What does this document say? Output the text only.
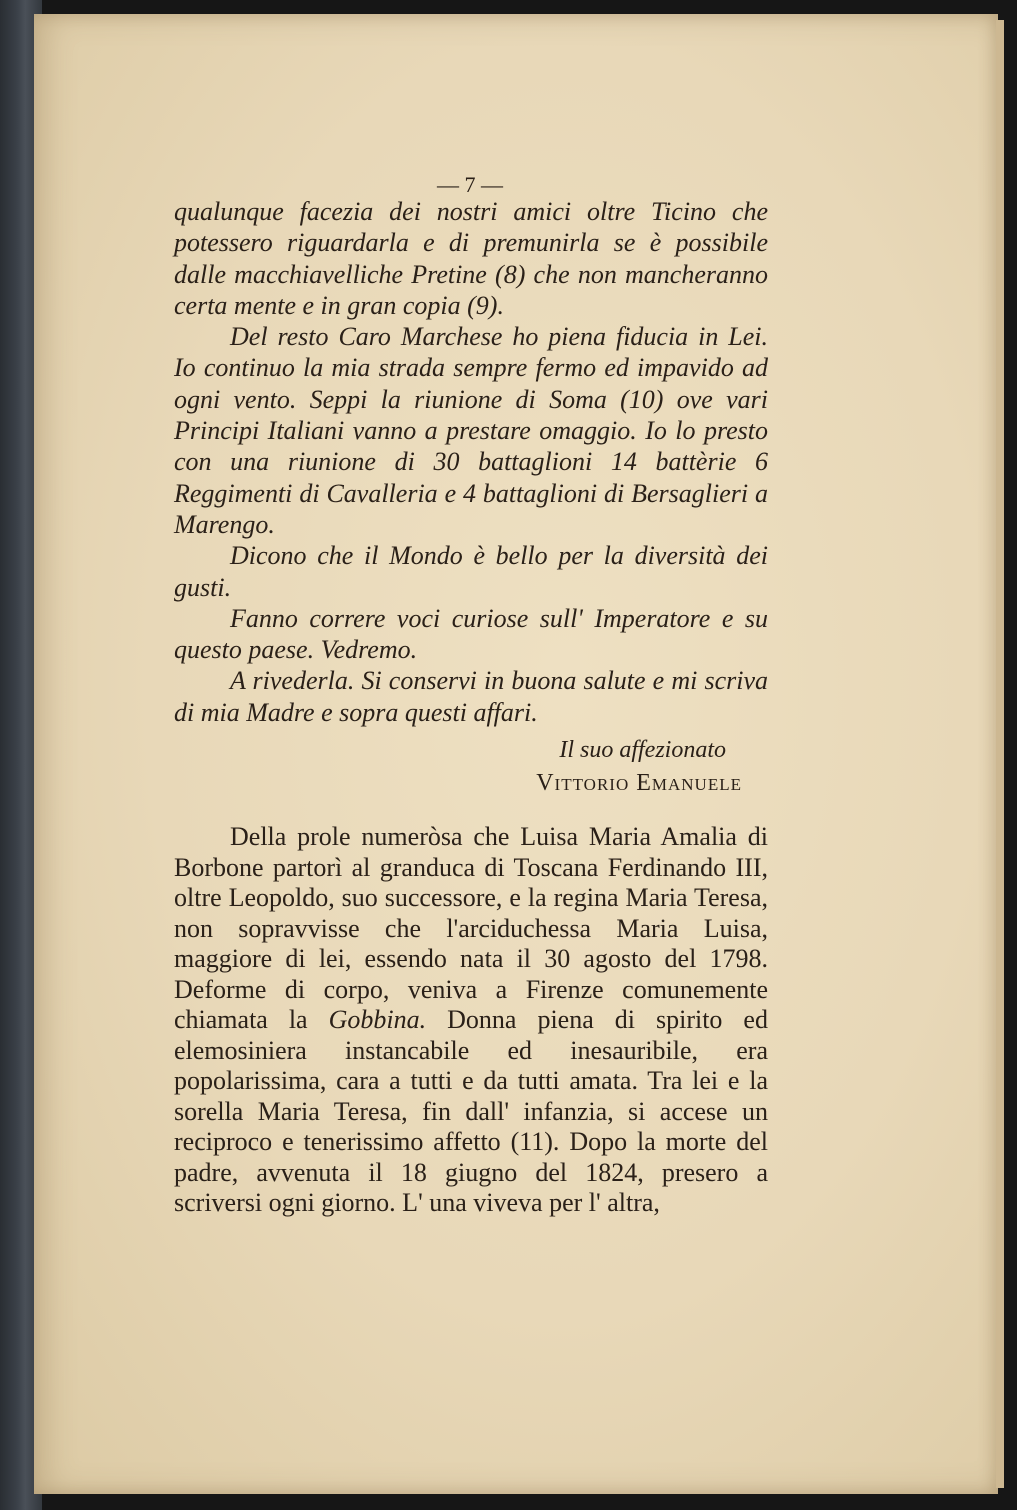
— 7 —

qualunque facezia dei nostri amici oltre Ticino che potessero riguardarla e di premunirla se è possibile dalle macchiavelliche Pretine (8) che non mancheranno certa mente e in gran copia (9).

Del resto Caro Marchese ho piena fiducia in Lei. Io continuo la mia strada sempre fermo ed impavido ad ogni vento. Seppi la riunione di Soma (10) ove vari Principi Italiani vanno a prestare omaggio. Io lo presto con una riunione di 30 battaglioni 14 battèrie 6 Reggimenti di Cavalleria e 4 battaglioni di Bersaglieri a Marengo.

Dicono che il Mondo è bello per la diversità dei gusti.

Fanno correre voci curiose sull' Imperatore e su questo paese. Vedremo.

A rivederla. Si conservi in buona salute e mi scriva di mia Madre e sopra questi affari.

Il suo affezionato
Vittorio Emanuele

Della prole numeròsa che Luisa Maria Amalia di Borbone partorì al granduca di Toscana Ferdinando III, oltre Leopoldo, suo successore, e la regina Maria Teresa, non sopravvisse che l'arciduchessa Maria Luisa, maggiore di lei, essendo nata il 30 agosto del 1798. Deforme di corpo, veniva a Firenze comunemente chiamata la Gobbina. Donna piena di spirito ed elemosiniera instancabile ed inesauribile, era popolarissima, cara a tutti e da tutti amata. Tra lei e la sorella Maria Teresa, fin dall' infanzia, si accese un reciproco e tenerissimo affetto (11). Dopo la morte del padre, avvenuta il 18 giugno del 1824, presero a scriversi ogni giorno. L' una viveva per l' altra,
